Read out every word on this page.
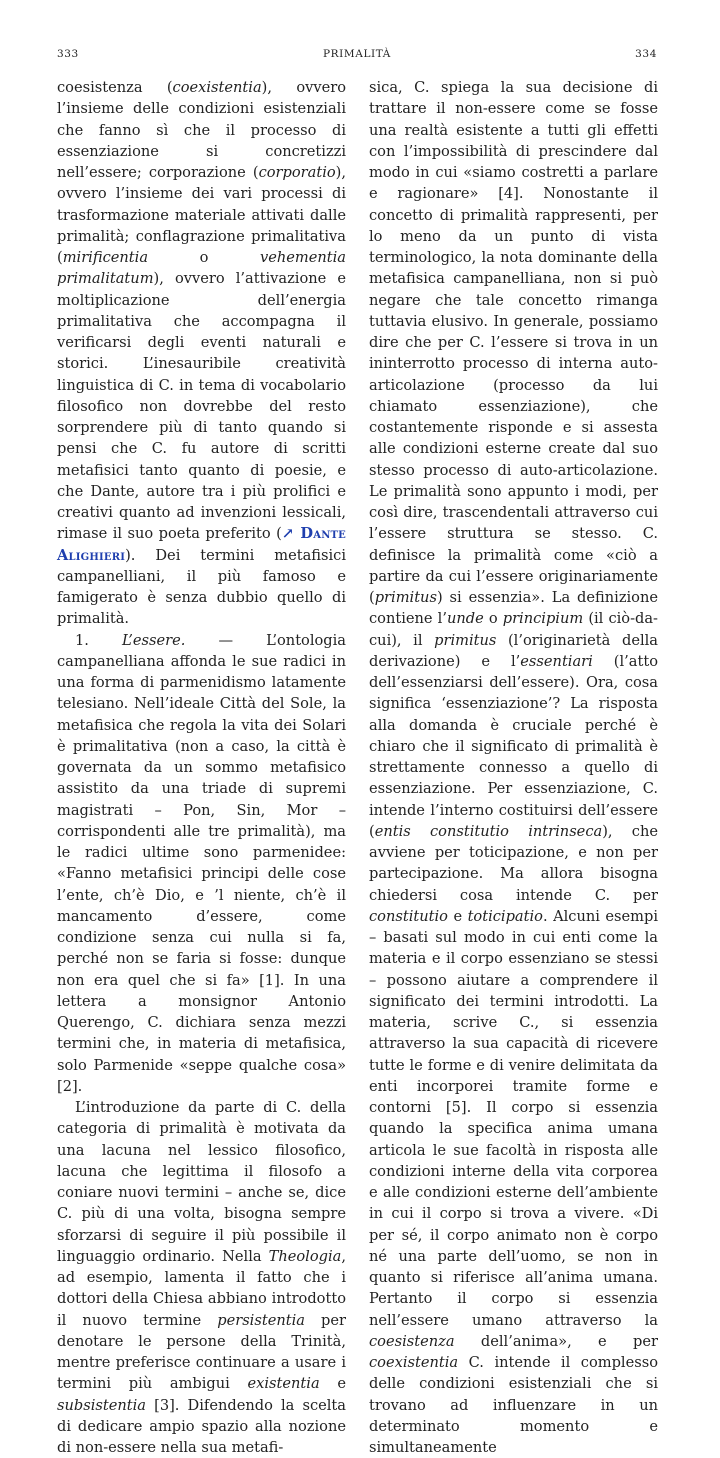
333	PRIMALITÀ	334

coesistenza (coexistentia), ovvero l’insieme delle condizioni esistenziali che fanno sì che il processo di essenziazione si concretizzi nell’essere; corporazione (corporatio), ovvero l’insieme dei vari processi di trasformazione materiale attivati dalle primalità; conflagrazione primalitativa (mirificentia o vehementia primalitatum), ovvero l’attivazione e moltiplicazione dell’energia primalitativa che accompagna il verificarsi degli eventi naturali e storici. L’inesauribile creatività linguistica di C. in tema di vocabolario filosofico non dovrebbe del resto sorprendere più di tanto quando si pensi che C. fu autore di scritti metafisici tanto quanto di poesie, e che Dante, autore tra i più prolifici e creativi quanto ad invenzioni lessicali, rimase il suo poeta preferito (↗ Dante Alighieri). Dei termini metafisici campanelliani, il più famoso e famigerato è senza dubbio quello di primalità.

1. L’essere. — L’ontologia campanelliana affonda le sue radici in una forma di parmenidismo latamente telesiano. Nell’ideale Città del Sole, la metafisica che regola la vita dei Solari è primalitativa (non a caso, la città è governata da un sommo metafisico assistito da una triade di supremi magistrati – Pon, Sin, Mor – corrispondenti alle tre primalità), ma le radici ultime sono parmenidee: «Fanno metafisici principi delle cose l’ente, ch’è Dio, e ’l niente, ch’è il mancamento d’essere, come condizione senza cui nulla si fa, perché non se faria si fosse: dunque non era quel che si fa» [1]. In una lettera a monsignor Antonio Querengo, C. dichiara senza mezzi termini che, in materia di metafisica, solo Parmenide «seppe qualche cosa» [2].

L’introduzione da parte di C. della categoria di primalità è motivata da una lacuna nel lessico filosofico, lacuna che legittima il filosofo a coniare nuovi termini – anche se, dice C. più di una volta, bisogna sempre sforzarsi di seguire il più possibile il linguaggio ordinario. Nella Theologia, ad esempio, lamenta il fatto che i dottori della Chiesa abbiano introdotto il nuovo termine persistentia per denotare le persone della Trinità, mentre preferisce continuare a usare i termini più ambigui existentia e subsistentia [3]. Difendendo la scelta di dedicare ampio spazio alla nozione di non-essere nella sua metafi-

sica, C. spiega la sua decisione di trattare il non-essere come se fosse una realtà esistente a tutti gli effetti con l’impossibilità di prescindere dal modo in cui «siamo costretti a parlare e ragionare» [4]. Nonostante il concetto di primalità rappresenti, per lo meno da un punto di vista terminologico, la nota dominante della metafisica campanelliana, non si può negare che tale concetto rimanga tuttavia elusivo. In generale, possiamo dire che per C. l’essere si trova in un ininterrotto processo di interna auto-articolazione (processo da lui chiamato essenziazione), che costantemente risponde e si assesta alle condizioni esterne create dal suo stesso processo di auto-articolazione. Le primalità sono appunto i modi, per così dire, trascendentali attraverso cui l’essere struttura se stesso. C. definisce la primalità come «ciò a partire da cui l’essere originariamente (primitus) si essenzia». La definizione contiene l’unde o principium (il ciò-da-cui), il primitus (l’originarietà della derivazione) e l’essentiari (l’atto dell’essenziarsi dell’essere). Ora, cosa significa ‘essenziazione’? La risposta alla domanda è cruciale perché è chiaro che il significato di primalità è strettamente connesso a quello di essenziazione. Per essenziazione, C. intende l’interno costituirsi dell’essere (entis constitutio intrinseca), che avviene per toticipazione, e non per partecipazione. Ma allora bisogna chiedersi cosa intende C. per constitutio e toticipatio. Alcuni esempi – basati sul modo in cui enti come la materia e il corpo essenziano se stessi – possono aiutare a comprendere il significato dei termini introdotti. La materia, scrive C., si essenzia attraverso la sua capacità di ricevere tutte le forme e di venire delimitata da enti incorporei tramite forme e contorni [5]. Il corpo si essenzia quando la specifica anima umana articola le sue facoltà in risposta alle condizioni interne della vita corporea e alle condizioni esterne dell’ambiente in cui il corpo si trova a vivere. «Di per sé, il corpo animato non è corpo né una parte dell’uomo, se non in quanto si riferisce all’anima umana. Pertanto il corpo si essenzia nell’essere umano attraverso la coesistenza dell’anima», e per coexistentia C. intende il complesso delle condizioni esistenziali che si trovano ad influenzare in un determinato momento e simultaneamente
